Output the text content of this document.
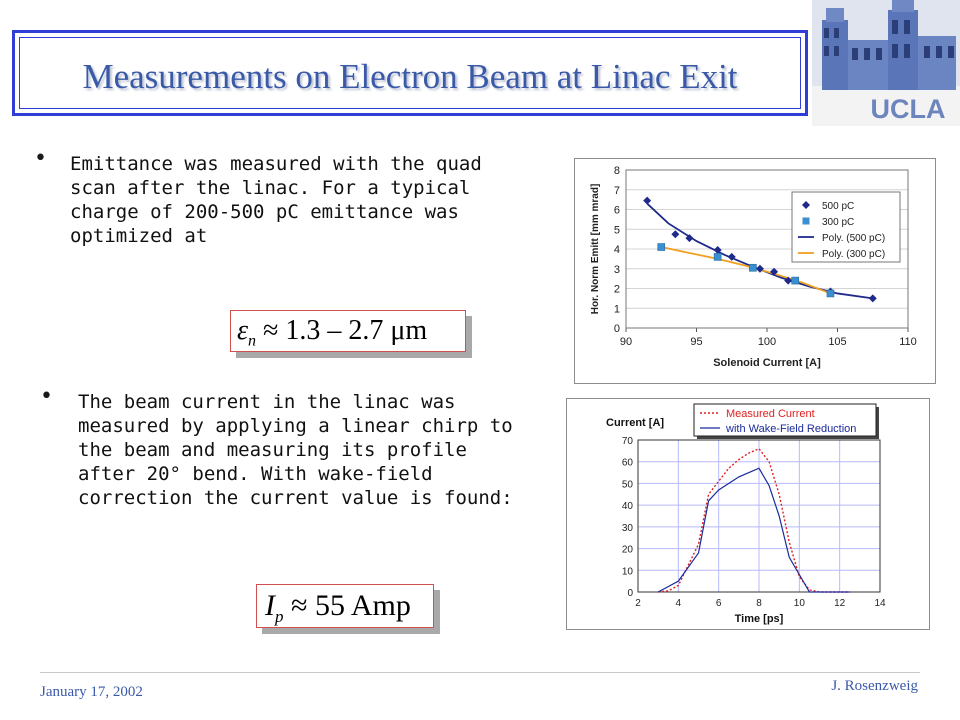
Measurements on Electron Beam at Linac Exit
UCLA
• Emittance was measured with the quad
scan after the linac. For a typical
charge of 200-500 pC emittance was
optimized at
$\varepsilon_n \approx 1.3 - 2.7$ μm
• The beam current in the linac was
measured by applying a linear chirp to
the beam and measuring its profile
after 20° bend. With wake-field
correction the current value is found:
$I_p \approx 55$ Amp
0
1
2
3
4
5
6
7
8
90	95	100	105	110
Solenoid Current [A]
Hor. Norm Emitt [mm mrad]	500 pC
300 pC
Poly. (500 pC)
Poly. (300 pC)
0
10
20
30
40
50
60
70
2	4	6	8	10	12	14
Current [A]
Time [ps]
Measured Current
with Wake-Field Reduction
January 17, 2002	J. Rosenzweig
